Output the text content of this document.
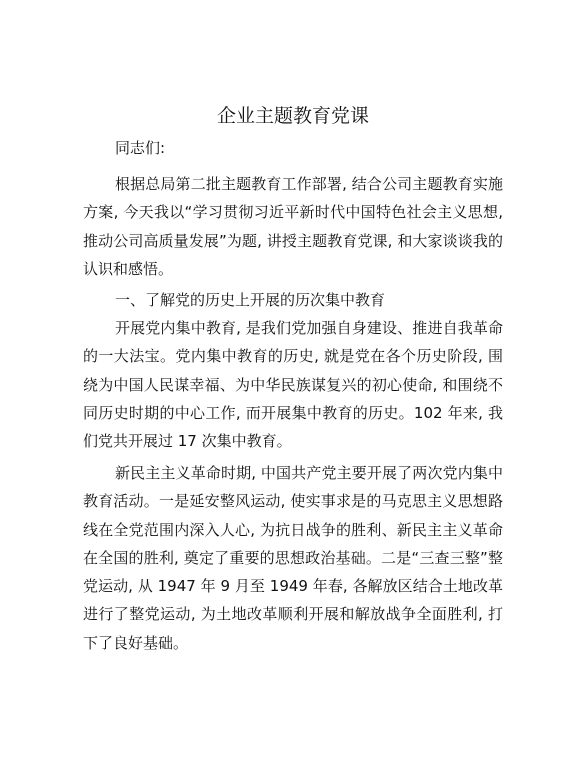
企业主题教育党课

同志们:

根据总局第二批主题教育工作部署, 结合公司主题教育实施方案, 今天我以“学习贯彻习近平新时代中国特色社会主义思想, 推动公司高质量发展”为题, 讲授主题教育党课, 和大家谈谈我的认识和感悟。

一、了解党的历史上开展的历次集中教育

开展党内集中教育, 是我们党加强自身建设、推进自我革命的一大法宝。党内集中教育的历史, 就是党在各个历史阶段, 围绕为中国人民谋幸福、为中华民族谋复兴的初心使命, 和围绕不同历史时期的中心工作, 而开展集中教育的历史。102 年来, 我们党共开展过 17 次集中教育。

新民主主义革命时期, 中国共产党主要开展了两次党内集中教育活动。一是延安整风运动, 使实事求是的马克思主义思想路线在全党范围内深入人心, 为抗日战争的胜利、新民主主义革命在全国的胜利, 奠定了重要的思想政治基础。二是“三查三整”整党运动, 从 1947 年 9 月至 1949 年春, 各解放区结合土地改革进行了整党运动, 为土地改革顺利开展和解放战争全面胜利, 打下了良好基础。
